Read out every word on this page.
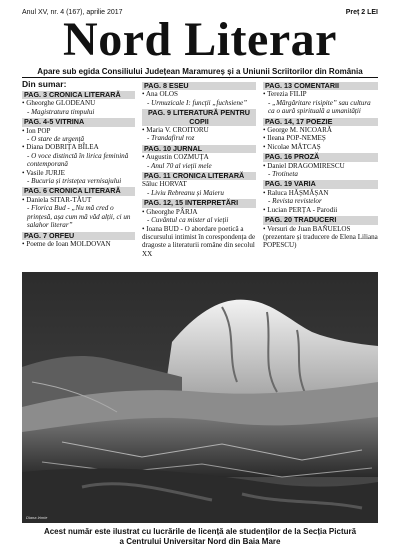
Anul XV, nr. 4 (167), aprilie 2017	Preț 2 LEI
Nord Literar
Apare sub egida Consiliului Județean Maramureș și a Uniunii Scriitorilor din România
Din sumar:
PAG. 3 CRONICA LITERARĂ
• Gheorghe GLODEANU
- Magistratura timpului
PAG. 4-5 VITRINA
• Ion POP
- O stare de urgență
• Diana DOBRIȚA BÎLEA
- O voce distinctă în lirica feminină contemporană
• Vasile JURJE
- Bucuria și tristețea vernisajului
PAG. 6 CRONICA LITERARĂ
• Daniela SITAR-TĂUT
- Florica Bud - „Nu mă cred o prințesă, așa cum mă văd alții, ci un salahor literar”
PAG. 7 ORFEU
• Poeme de Ioan MOLDOVAN
PAG. 8 ESEU
• Ana OLOS
- Urmuzicale I: funcții „fuchsiene”
PAG. 9 LITERATURĂ PENTRU COPII
• Maria V. CROITORU
- Trandafirul roz
PAG. 10 JURNAL
• Augustin COZMUȚA
- Anul 70 al vieții mele
PAG. 11 CRONICA LITERARĂ
Săluc HORVAT
- Liviu Rebreanu și Maieru
PAG. 12, 15 INTERPRETĂRI
• Gheorghe PÂRJA
- Cuvântul ca mister al vieții
• Ioana BUD - O abordare poetică a discursului intimist în corespondența de dragoste a literaturii române din secolul XX
PAG. 13 COMENTARII
• Terezia FILIP
- „Mărgăritare risipite” sau cultura ca o aură spirituală a umanității
PAG. 14, 17 POEZIE
• George M. NICOARĂ
• Ileana POP-NEMEȘ
• Nicolae MĂTCAȘ
PAG. 16 PROZĂ
• Daniel DRAGOMIRESCU
- Trotineta
PAG. 19 VARIA
• Raluca HĂȘMĂȘAN
- Revista revistelor
• Lucian PERȚA - Parodii
PAG. 20 TRADUCERI
• Versuri de Juan BAÑUELOS (prezentare și traducere de Elena Liliana POPESCU)
Diana Irimie
Acest număr este ilustrat cu lucrările de licență ale studenților de la Secția Pictură
a Centrului Universitar Nord din Baia Mare
